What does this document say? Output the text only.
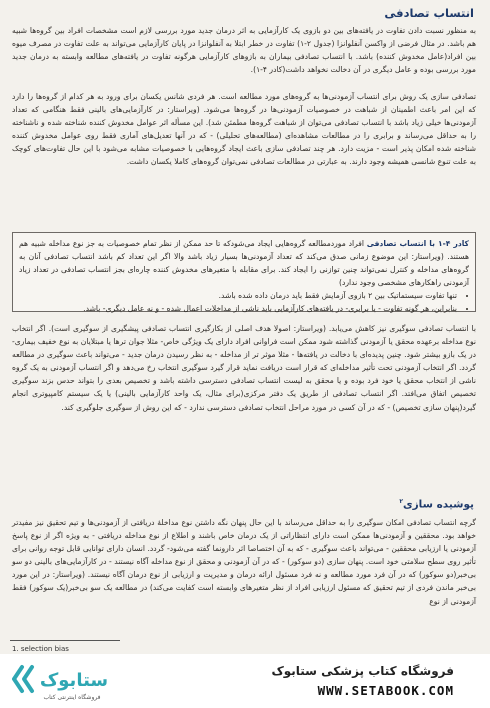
انتساب تصادفی

به منظور نسبت دادن تفاوت در یافته‌های بین دو بازوی یک کارآزمایی به اثر درمان جدید مورد بررسی لازم است مشخصات افراد بین گروه‌ها شبیه هم باشد. در مثال فرضی از واکسن آنفلوانزا (جدول ۲-۱) تفاوت در خطر ابتلا به آنفلوانزا در پایان کارآزمایی می‌تواند به علت تفاوت در مصرف میوه بین افراد(عامل مخدوش کننده) باشد. با انتساب تصادفی بیماران به بازوهای کارآزمایی هرگونه تفاوت در یافته‌های مطالعه وابسته به درمان جدید مورد بررسی بوده و عامل دیگری در آن دخالت نخواهد داشت(کادر ۴-۱).

تصادفی سازی یک روش برای انتساب آزمودنی‌ها به گروه‌های مورد مطالعه است. هر فردی شانس یکسان برای ورود به هر کدام از گروه‌ها را دارد که این امر باعث اطمینان از شباهت در خصوصیات آزمودنی‌ها در گروه‌ها می‌شود. (ویراستار: در کارآزمایی‌های بالینی فقط هنگامی که تعداد آزمودنی‌ها خیلی زیاد باشد با انتساب تصادفی می‌توان از شباهت گروه‌ها مطمئن شد). این مسأله اثر عوامل مخدوش کننده شناخته شده و ناشناخته را به حداقل می‌رساند و برابری را در مطالعات مشاهده‌ای (مطالعه‌های تحلیلی) - که در آنها تعدیل‌های آماری فقط روی عوامل مخدوش کننده شناخته شده امکان پذیر است - مزیت دارد. هر چند تصادفی سازی باعث ایجاد گروه‌هایی با خصوصیات مشابه می‌شود با این حال تفاوت‌های کوچک به علت تنوع شانسی همیشه وجود دارند. به عبارتی در مطالعات تصادفی نمی‌توان گروه‌های کاملا یکسان داشت.

کادر ۴-۱ با انتساب تصادفی افراد موردمطالعه گروه‌هایی ایجاد می‌شودکه تا حد ممکن از نظر تمام خصوصیات به جز نوع مداخله شبیه هم هستند. (ویراستار: این موضوع زمانی صدق می‌کند که تعداد آزمودنی‌ها بسیار زیاد باشد والا اگر این تعداد کم باشد انتساب تصادفی آنان به گروه‌های مداخله و کنترل نمی‌تواند چنین توازنی را ایجاد کند. برای مقابله با متغیرهای مخدوش کننده چاره‌ای بجز انتساب تصادفی در تعداد زیاد آزمودنی راهکارهای مشخصی وجود ندارد)
• تنها تفاوت سیستماتیک بین ۲ بازوی آزمایش فقط باید درمان داده شده باشد.
• بنابراین، هر گونه تفاوت - یا برابری- در یافته‌های کارآزمایی باید ناشی از مداخلات اعمال شده - و نه عامل دیگری- باشد.

با انتساب تصادفی سوگیری نیز کاهش می‌یابد. (ویراستار: اصولا هدف اصلی از بکارگیری انتساب تصادفی پیشگیری از سوگیری است). اگر انتخاب نوع مداخله برعهده محقق یا آزمودنی گذاشته شود ممکن است فراوانی افراد دارای یک ویژگی خاص- مثلا جوان ترها یا مبتلایان به نوع خفیف بیماری- در یک بازو بیشتر شود. چنین پدیده‌ای با دخالت در یافته‌ها - مثلا موثر تر از مداخله - به نظر رسیدن درمان جدید - می‌تواند باعث سوگیری در مطالعه گردد. اگر انتخاب آزمودنی تحت تأثیر مداخله‌ای که قرار است دریافت نماید قرار گیرد سوگیری انتخاب رخ می‌دهد و اگر انتساب آزمودنی به یک گروه ناشی از انتخاب محقق یا خود فرد بوده و یا محقق به لیست انتساب تصادفی دسترسی داشته باشد و تخصیص بعدی را بتواند حدس بزند سوگیری تخصیص اتفاق می‌افتد. اگر انتساب تصادفی از طریق یک دفتر مرکزی(برای مثال، یک واحد کارآزمایی بالینی) یا یک سیستم کامپیوتری انجام گیرد(پنهان سازی تخصیص) - که در آن کسی در مورد مراحل انتخاب تصادفی دسترسی ندارد - که این روش از سوگیری جلوگیری کند.

پوشیده سازی$^۲$

گرچه انتساب تصادفی امکان سوگیری را به حداقل می‌رساند با این حال پنهان نگه داشتن نوع مداخلهٔ دریافتی از آزمودنی‌ها و تیم تحقیق نیز مفیدتر خواهد بود. محققین و آزمودنی‌ها ممکن است دارای انتظاراتی از یک درمان خاص باشند و اطلاع از نوع مداخله دریافتی - به ویژه اگر از نوع پاسخ آزمودنی یا ارزیابی محققین - می‌تواند باعث سوگیری - که به آن اختصاصا اثر دارونما گفته می‌شود- گردد. انسان دارای توانایی قابل توجه روانی برای تأثیر روی سطح سلامتی خود است. پنهان سازی (دو سوکور) - که در آن آزمودنی و محقق از نوع مداخله آگاه نیستند - در کارآزمایی‌های بالینی دو سو بی‌خبر(دو سوکور) که در آن فرد مورد مطالعه و نه فرد مسئول ارائه درمان و مدیریت و ارزیابی از نوع درمان آگاه نیستند. (ویراستار: در این مورد بی‌خبر ماندن فردی از تیم تحقیق که مسئول ارزیابی افراد از نظر متغیرهای وابسته است کفایت می‌کند) در مطالعه یک سو بی‌خبر(یک سوکور) فقط آزمودنی از نوع

1. selection bias
ستابوک
فروشگاه اینترنتی کتاب
فروشگاه کتاب پزشکی ستابوک
WWW.SETABOOK.COM
